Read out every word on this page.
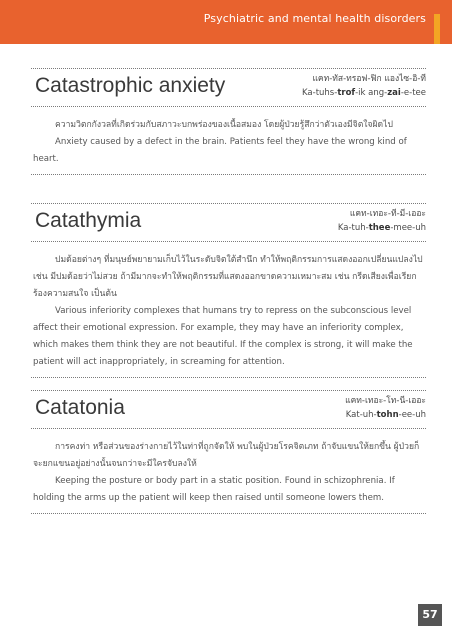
Psychiatric and mental health disorders
Catastrophic anxiety	แคท-ทัส-ทรอฟ-ฟิก แองไซ-อิ-ที
Ka-tuhs-trof-ik ang-zai-e-tee
ความวิตกกังวลที่เกิดร่วมกับสภาวะบกพร่องของเนื้อสมอง โดยผู้ป่วยรู้สึกว่าตัวเองมีจิตใจผิดไป
Anxiety caused by a defect in the brain. Patients feel they have the wrong kind of heart.
Catathymia	แคท-เทอะ-ที-มี-เออะ
Ka-tuh-thee-mee-uh
ปมด้อยต่างๆ ที่มนุษย์พยายามเก็บไว้ในระดับจิตใต้สำนึก ทำให้พฤติกรรมการแสดงออกเปลี่ยนแปลงไป เช่น มีปมด้อยว่าไม่สวย ถ้ามีมากจะทำให้พฤติกรรมที่แสดงออกขาดความเหมาะสม เช่น กรีดเสียงเพื่อเรียกร้องความสนใจ เป็นต้น
Various inferiority complexes that humans try to repress on the subconscious level affect their emotional expression. For example, they may have an inferiority complex, which makes them think they are not beautiful. If the complex is strong, it will make the patient will act inappropriately, in screaming for attention.
Catatonia	แคท-เทอะ-โท-นี-เออะ
Kat-uh-tohn-ee-uh
การคงท่า หรือส่วนของร่างกายไว้ในท่าที่ถูกจัดให้ พบในผู้ป่วยโรคจิตเภท ถ้าจับแขนให้ยกขึ้น ผู้ป่วยก็จะยกแขนอยู่อย่างนั้นจนกว่าจะมีใครจับลงให้
Keeping the posture or body part in a static position. Found in schizophrenia. If holding the arms up the patient will keep then raised until someone lowers them.
57
